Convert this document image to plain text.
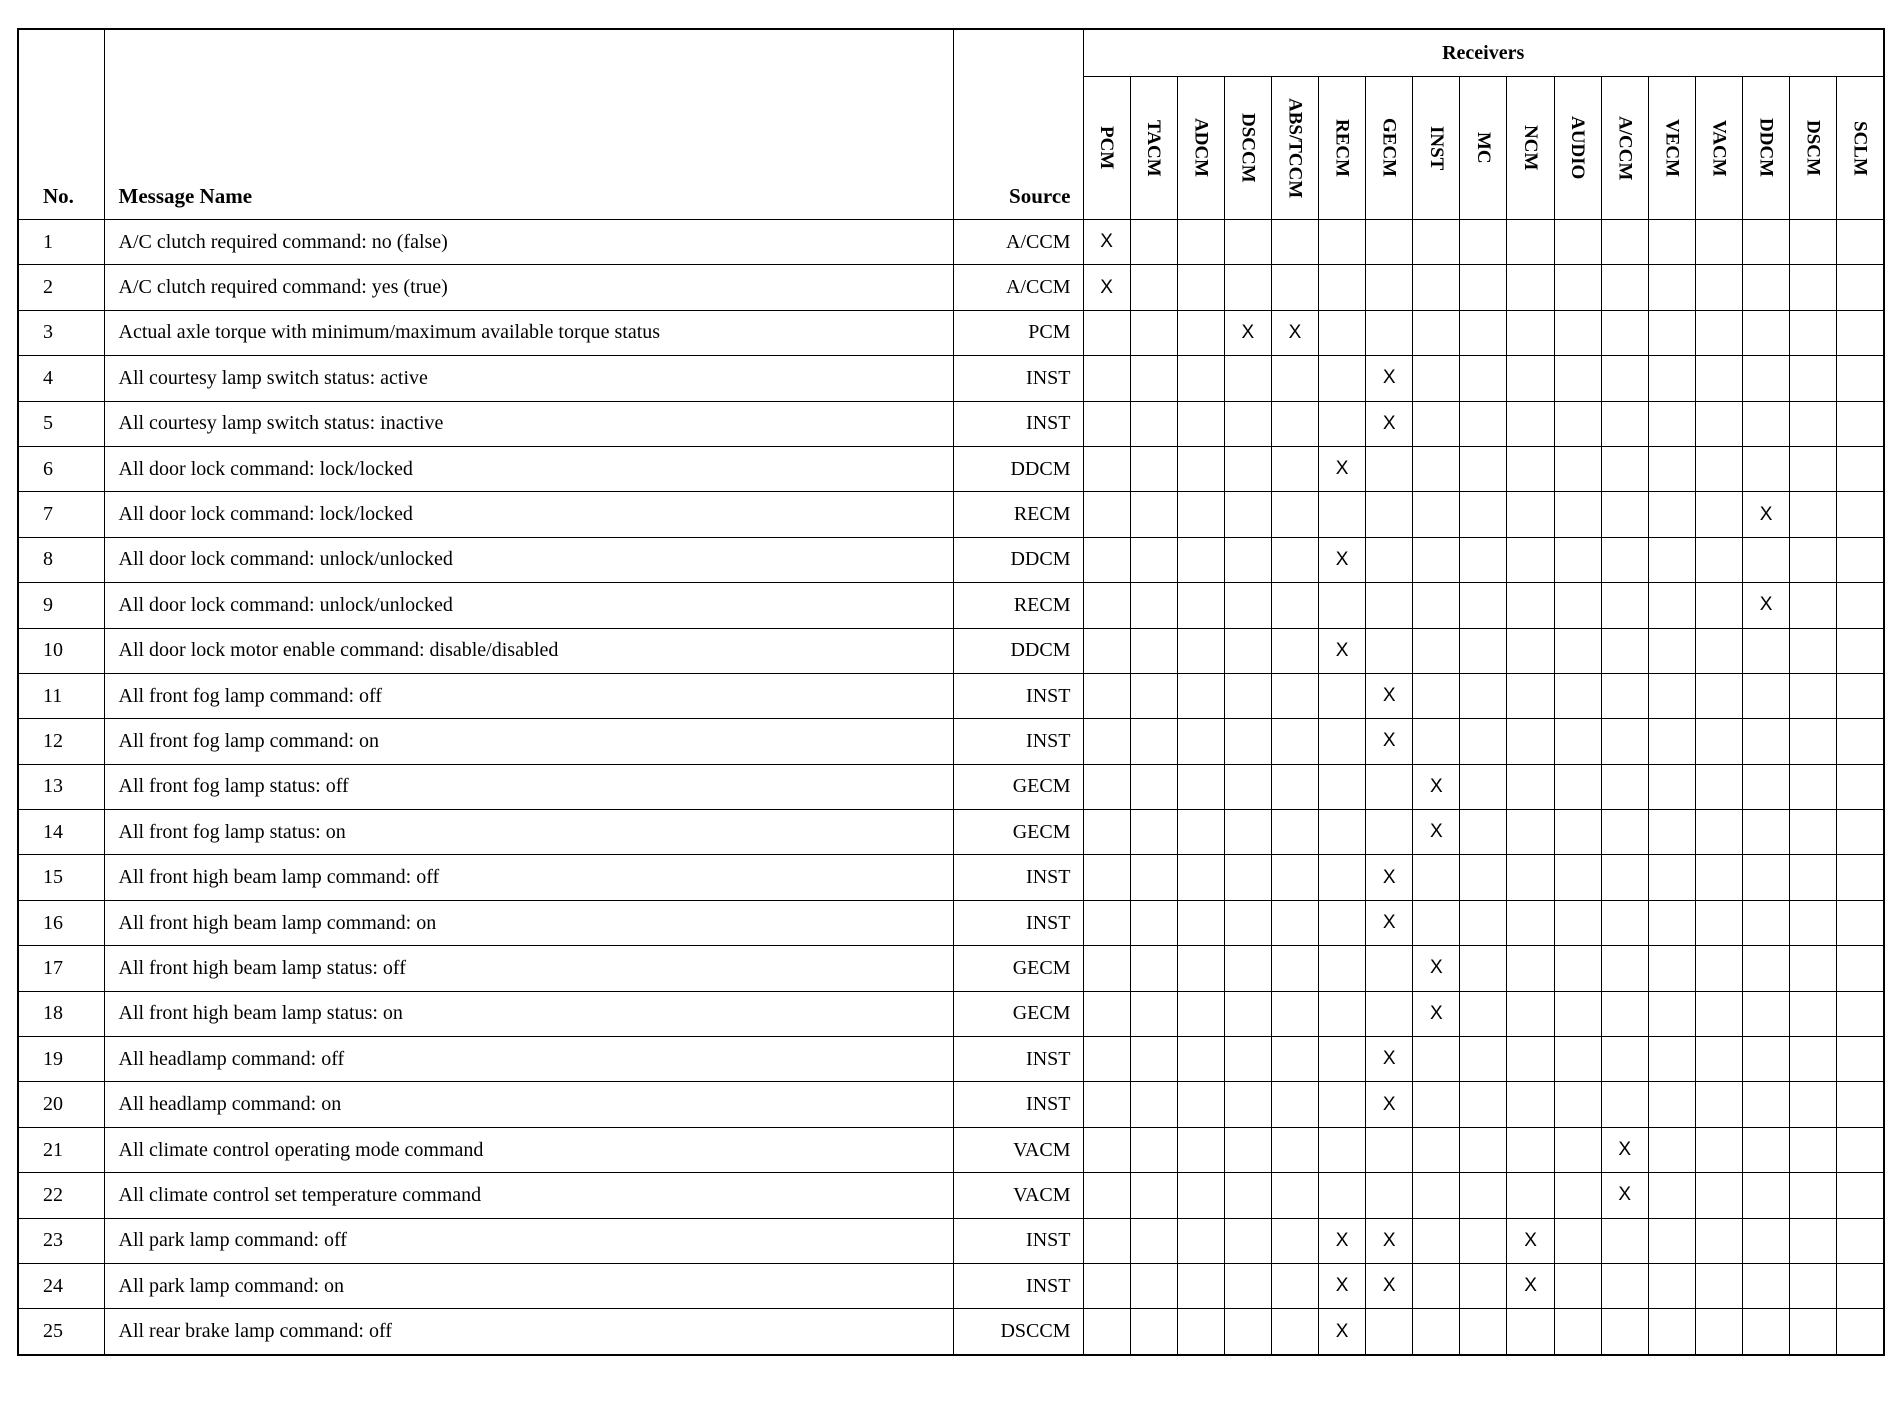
No.	Message Name	Source	Receivers																

			PCM	TACM	ADCM	DSCCM	ABS/TCCM	RECM	GECM	INST	MC	NCM	AUDIO	A/CCM	VECM	VACM	DDCM	DSCM	SCLM

1	A/C clutch required command: no (false)	A/CCM	X																
2	A/C clutch required command: yes (true)	A/CCM	X																
3	Actual axle torque with minimum/maximum available torque status	PCM				X	X												
4	All courtesy lamp switch status: active	INST							X										
5	All courtesy lamp switch status: inactive	INST							X										
6	All door lock command: lock/locked	DDCM						X											
7	All door lock command: lock/locked	RECM															X		
8	All door lock command: unlock/unlocked	DDCM						X											
9	All door lock command: unlock/unlocked	RECM															X		
10	All door lock motor enable command: disable/disabled	DDCM						X											
11	All front fog lamp command: off	INST							X										
12	All front fog lamp command: on	INST							X										
13	All front fog lamp status: off	GECM								X									
14	All front fog lamp status: on	GECM								X									
15	All front high beam lamp command: off	INST							X										
16	All front high beam lamp command: on	INST							X										
17	All front high beam lamp status: off	GECM								X									
18	All front high beam lamp status: on	GECM								X									
19	All headlamp command: off	INST							X										
20	All headlamp command: on	INST							X										
21	All climate control operating mode command	VACM												X					
22	All climate control set temperature command	VACM												X					
23	All park lamp command: off	INST						X	X			X							
24	All park lamp command: on	INST						X	X			X							
25	All rear brake lamp command: off	DSCCM						X											
